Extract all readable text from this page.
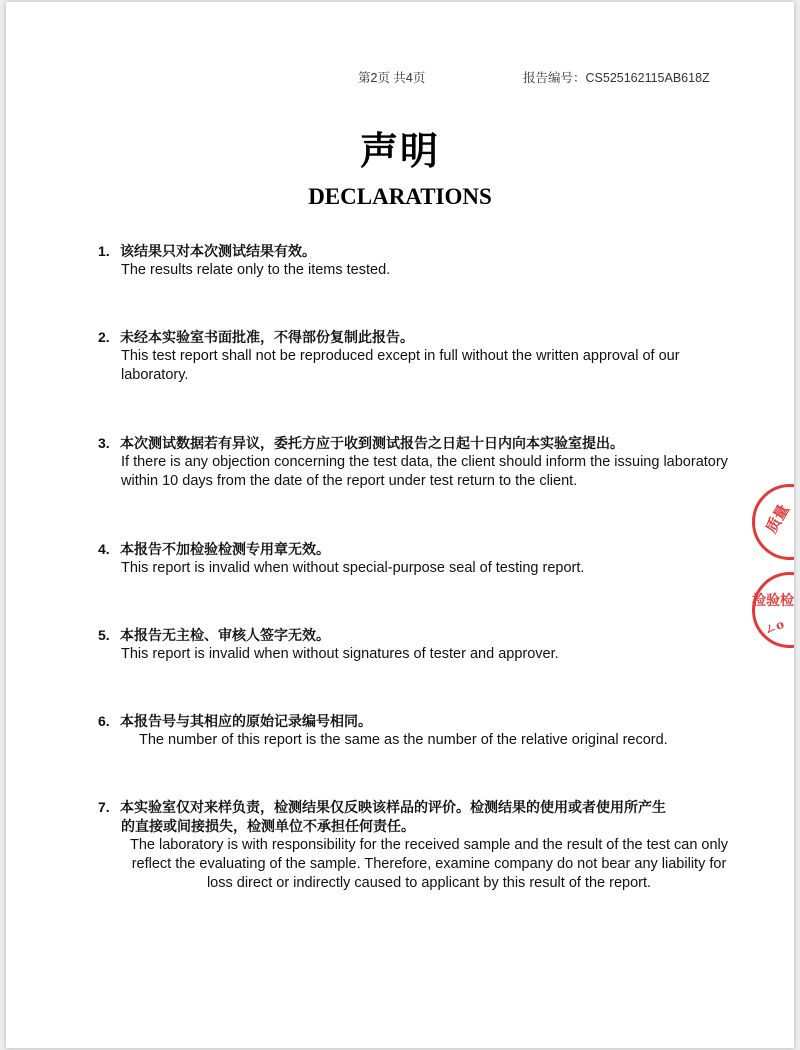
第2页 共4页	报告编号：CS525162115AB618Z
声明
DECLARATIONS
1. 该结果只对本次测试结果有效。
The results relate only to the items tested.
2. 未经本实验室书面批准，不得部份复制此报告。
This test report shall not be reproduced except in full without the written approval of our laboratory.
3. 本次测试数据若有异议，委托方应于收到测试报告之日起十日内向本实验室提出。
If there is any objection concerning the test data, the client should inform the issuing laboratory within 10 days from the date of the report under test return to the client.
4. 本报告不加检验检测专用章无效。
This report is invalid when without special-purpose seal of testing report.
5. 本报告无主检、审核人签字无效。
This report is invalid when without signatures of tester and approver.
6. 本报告号与其相应的原始记录编号相同。
The number of this report is the same as the number of the relative original record.
7. 本实验室仅对来样负责，检测结果仅反映该样品的评价。检测结果的使用或者使用所产生
的直接或间接损失，检测单位不承担任何责任。
The laboratory is with responsibility for the received sample and the result of the test can only reflect the evaluating of the sample. Therefore, examine company do not bear any liability for loss direct or indirectly caused to applicant by this result of the report.
质量
检验检
ㄥo
